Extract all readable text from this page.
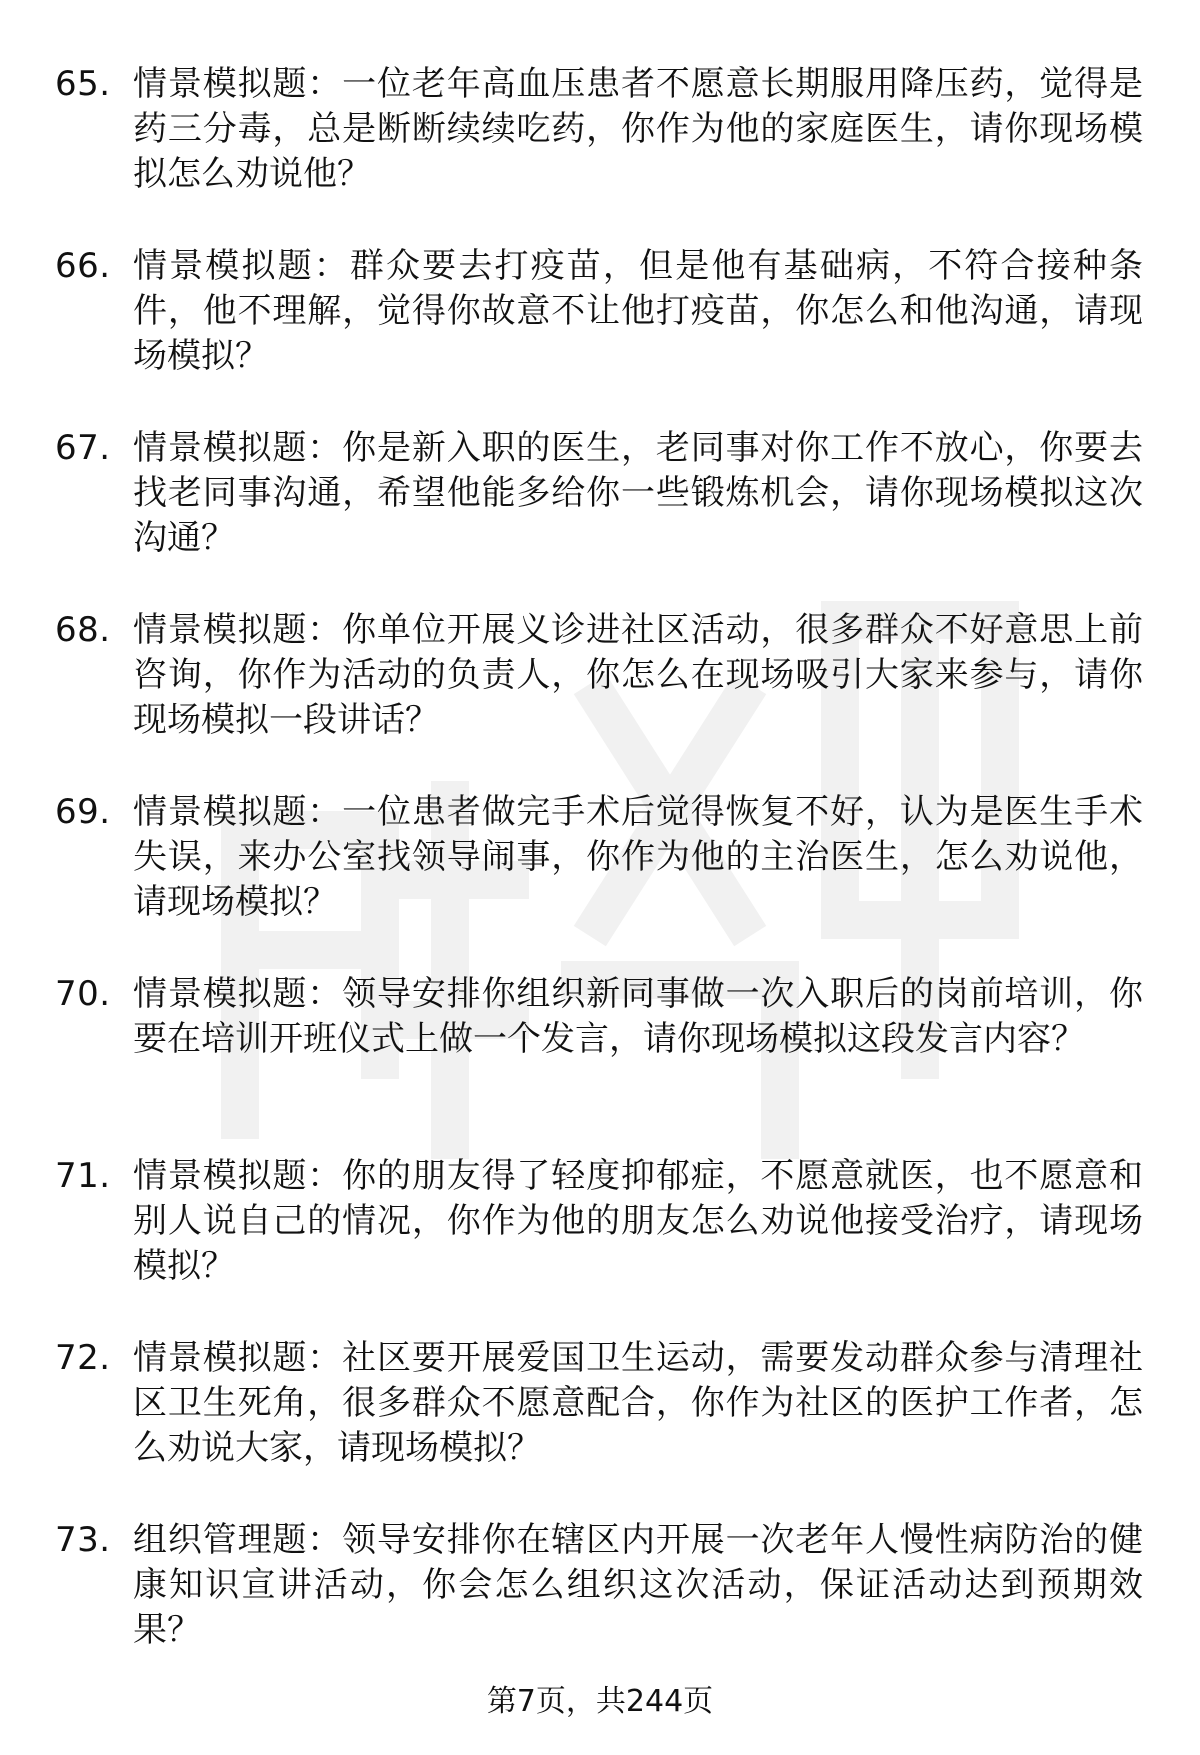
65. 情景模拟题：一位老年高血压患者不愿意长期服用降压药，觉得是药三分毒，总是断断续续吃药，你作为他的家庭医生，请你现场模拟怎么劝说他？

66. 情景模拟题：群众要去打疫苗，但是他有基础病，不符合接种条件，他不理解，觉得你故意不让他打疫苗，你怎么和他沟通，请现场模拟？

67. 情景模拟题：你是新入职的医生，老同事对你工作不放心，你要去找老同事沟通，希望他能多给你一些锻炼机会，请你现场模拟这次沟通？

68. 情景模拟题：你单位开展义诊进社区活动，很多群众不好意思上前咨询，你作为活动的负责人，你怎么在现场吸引大家来参与，请你现场模拟一段讲话？

69. 情景模拟题：一位患者做完手术后觉得恢复不好，认为是医生手术失误，来办公室找领导闹事，你作为他的主治医生，怎么劝说他，请现场模拟？

70. 情景模拟题：领导安排你组织新同事做一次入职后的岗前培训，你要在培训开班仪式上做一个发言，请你现场模拟这段发言内容？

71. 情景模拟题：你的朋友得了轻度抑郁症，不愿意就医，也不愿意和别人说自己的情况，你作为他的朋友怎么劝说他接受治疗，请现场模拟？

72. 情景模拟题：社区要开展爱国卫生运动，需要发动群众参与清理社区卫生死角，很多群众不愿意配合，你作为社区的医护工作者，怎么劝说大家，请现场模拟？

73. 组织管理题：领导安排你在辖区内开展一次老年人慢性病防治的健康知识宣讲活动，你会怎么组织这次活动，保证活动达到预期效果？

第7页，共244页
